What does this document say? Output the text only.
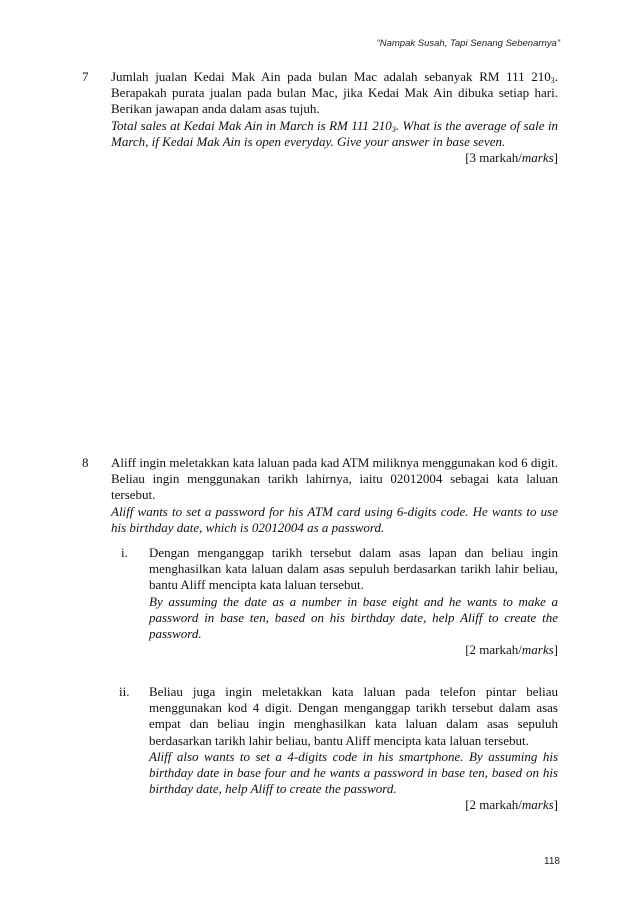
“Nampak Susah, Tapi Senang Sebenarnya”
7 Jumlah jualan Kedai Mak Ain pada bulan Mac adalah sebanyak RM 111 $210_3$. Berapakah purata jualan pada bulan Mac, jika Kedai Mak Ain dibuka setiap hari. Berikan jawapan anda dalam asas tujuh.

Total sales at Kedai Mak Ain in March is RM 111 $210_3$. What is the average of sale in March, if Kedai Mak Ain is open everyday. Give your answer in base seven.

[3 markah/marks]
8 Aliff ingin meletakkan kata laluan pada kad ATM miliknya menggunakan kod 6 digit. Beliau ingin menggunakan tarikh lahirnya, iaitu 02012004 sebagai kata laluan tersebut.

Aliff wants to set a password for his ATM card using 6-digits code. He wants to use his birthday date, which is 02012004 as a password.

i. Dengan menganggap tarikh tersebut dalam asas lapan dan beliau ingin menghasilkan kata laluan dalam asas sepuluh berdasarkan tarikh lahir beliau, bantu Aliff mencipta kata laluan tersebut.

By assuming the date as a number in base eight and he wants to make a password in base ten, based on his birthday date, help Aliff to create the password.

[2 markah/marks]
ii. Beliau juga ingin meletakkan kata laluan pada telefon pintar beliau menggunakan kod 4 digit. Dengan menganggap tarikh tersebut dalam asas empat dan beliau ingin menghasilkan kata laluan dalam asas sepuluh berdasarkan tarikh lahir beliau, bantu Aliff mencipta kata laluan tersebut.

Aliff also wants to set a 4-digits code in his smartphone. By assuming his birthday date in base four and he wants a password in base ten, based on his birthday date, help Aliff to create the password.

[2 markah/marks]
118
